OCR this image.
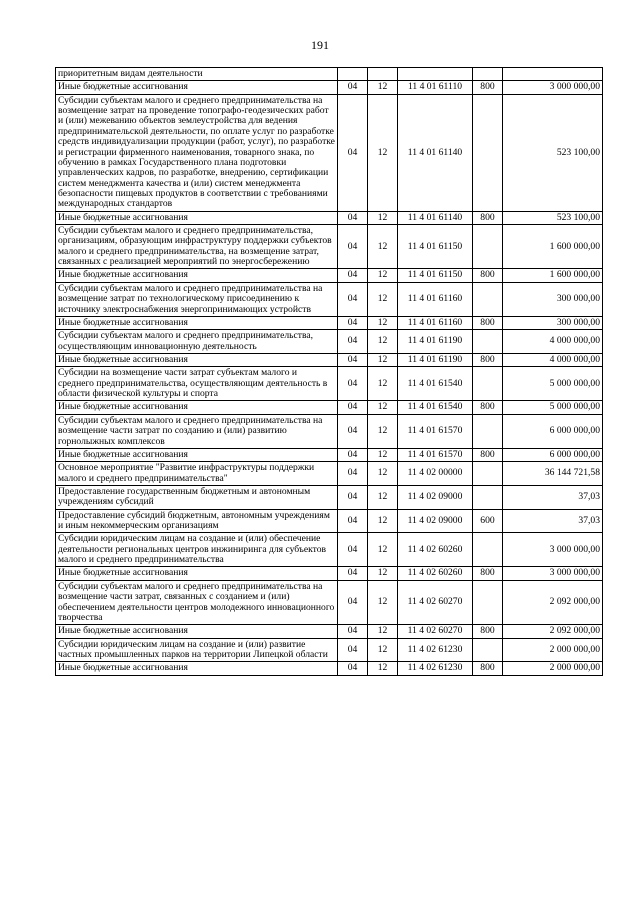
191
приоритетным видам деятельности					
Иные бюджетные ассигнования	04	12	11 4 01 61110	800	3 000 000,00
Субсидии субъектам малого и среднего предпринимательства на возмещение затрат на проведение топографо-геодезических работ и (или) межеванию объектов землеустройства для ведения предпринимательской деятельности, по оплате услуг по разработке средств индивидуализации продукции (работ, услуг), по разработке и регистрации фирменного наименования, товарного знака, по обучению в рамках Государственного плана подготовки управленческих кадров, по разработке, внедрению, сертификации систем менеджмента качества и (или) систем менеджмента безопасности пищевых продуктов в соответствии с требованиями международных стандартов	04	12	11 4 01 61140		523 100,00
Иные бюджетные ассигнования	04	12	11 4 01 61140	800	523 100,00
Субсидии субъектам малого и среднего предпринимательства, организациям, образующим инфраструктуру поддержки субъектов малого и среднего предпринимательства, на возмещение затрат, связанных с реализацией мероприятий по энергосбережению	04	12	11 4 01 61150		1 600 000,00
Иные бюджетные ассигнования	04	12	11 4 01 61150	800	1 600 000,00
Субсидии субъектам малого и среднего предпринимательства на возмещение затрат по технологическому присоединению к источнику электроснабжения энергопринимающих устройств	04	12	11 4 01 61160		300 000,00
Иные бюджетные ассигнования	04	12	11 4 01 61160	800	300 000,00
Субсидии субъектам малого и среднего предпринимательства, осуществляющим инновационную деятельность	04	12	11 4 01 61190		4 000 000,00
Иные бюджетные ассигнования	04	12	11 4 01 61190	800	4 000 000,00
Субсидии на возмещение части затрат субъектам малого и среднего предпринимательства, осуществляющим деятельность в области физической культуры и спорта	04	12	11 4 01 61540		5 000 000,00
Иные бюджетные ассигнования	04	12	11 4 01 61540	800	5 000 000,00
Субсидии субъектам малого и среднего предпринимательства на возмещение части затрат по созданию и (или) развитию горнолыжных комплексов	04	12	11 4 01 61570		6 000 000,00
Иные бюджетные ассигнования	04	12	11 4 01 61570	800	6 000 000,00
Основное мероприятие "Развитие инфраструктуры поддержки малого и среднего предпринимательства"	04	12	11 4 02 00000		36 144 721,58
Предоставление государственным бюджетным и автономным учреждениям субсидий	04	12	11 4 02 09000		37,03
Предоставление субсидий бюджетным, автономным учреждениям и иным некоммерческим организациям	04	12	11 4 02 09000	600	37,03
Субсидии юридическим лицам на создание и (или) обеспечение деятельности региональных центров инжиниринга для субъектов малого и среднего предпринимательства	04	12	11 4 02 60260		3 000 000,00
Иные бюджетные ассигнования	04	12	11 4 02 60260	800	3 000 000,00
Субсидии субъектам малого и среднего предпринимательства на возмещение части затрат, связанных с созданием и (или) обеспечением деятельности центров молодежного инновационного творчества	04	12	11 4 02 60270		2 092 000,00
Иные бюджетные ассигнования	04	12	11 4 02 60270	800	2 092 000,00
Субсидии юридическим лицам на создание и (или) развитие частных промышленных парков на территории Липецкой области	04	12	11 4 02 61230		2 000 000,00
Иные бюджетные ассигнования	04	12	11 4 02 61230	800	2 000 000,00
